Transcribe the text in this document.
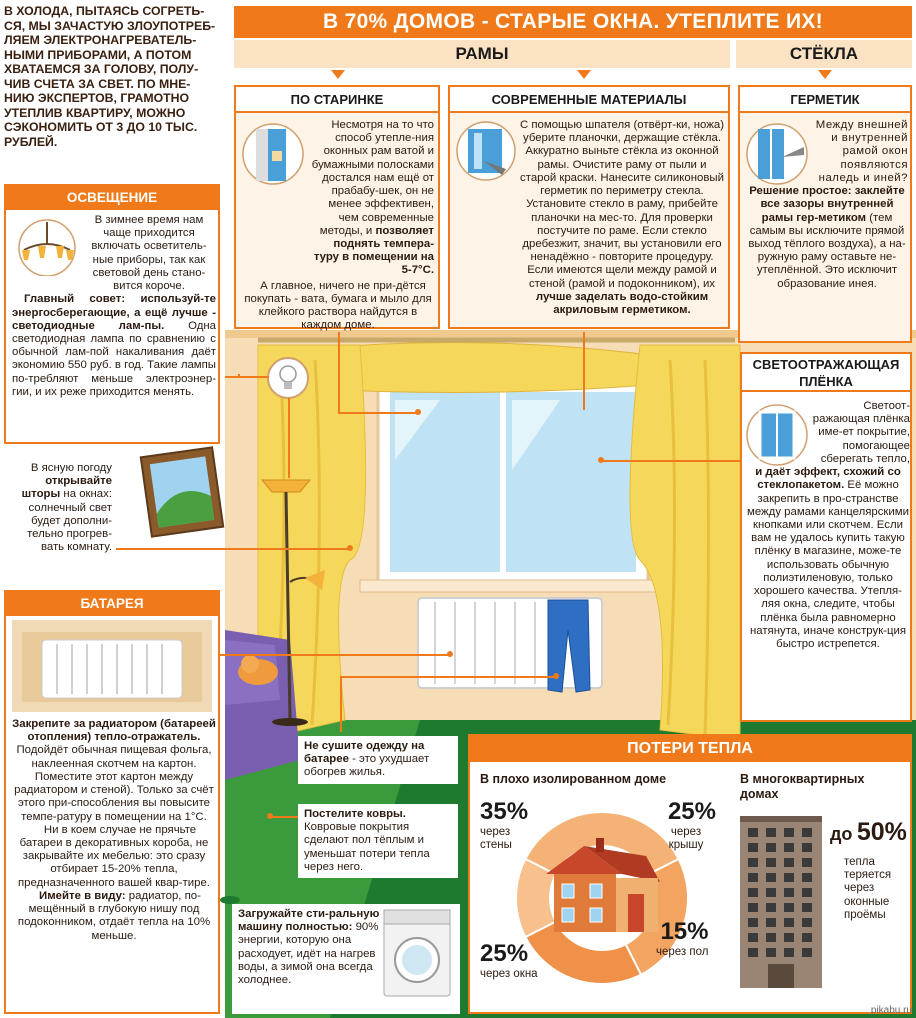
В ХОЛОДА, ПЫТАЯСЬ СОГРЕТЬ-СЯ, МЫ ЗАЧАСТУЮ ЗЛОУПОТРЕБ-ЛЯЕМ ЭЛЕКТРОНАГРЕВАТЕЛЬ-НЫМИ ПРИБОРАМИ, А ПОТОМ ХВАТАЕМСЯ ЗА ГОЛОВУ, ПОЛУ-ЧИВ СЧЕТА ЗА СВЕТ. ПО МНЕ-НИЮ ЭКСПЕРТОВ, ГРАМОТНО УТЕПЛИВ КВАРТИРУ, МОЖНО СЭКОНОМИТЬ ОТ 3 ДО 10 ТЫС. РУБЛЕЙ.
В 70% ДОМОВ - СТАРЫЕ ОКНА. УТЕПЛИТЕ ИХ!
РАМЫ	СТЁКЛА
ПО СТАРИНКЕ
Несмотря на то что способ утепле-ния оконных рам ватой и бумажными полосками достался нам ещё от прабабу-шек, он не менее эффективен, чем современные методы, и позволяет поднять темпера-туру в помещении на 5-7°С.
А главное, ничего не при-дётся покупать - вата, бумага и мыло для клейкого раствора найдутся в каждом доме.
СОВРЕМЕННЫЕ МАТЕРИАЛЫ
С помощью шпателя (отвёрт-ки, ножа) уберите планочки, держащие стёкла. Аккуратно выньте стёкла из оконной рамы. Очистите раму от пыли и старой краски. Нанесите силиконовый герметик по периметру стекла. Установите стекло в раму, прибейте планочки на мес-то. Для проверки постучите по раме. Если стекло дребезжит, значит, вы установили его ненадёжно - повторите процедуру. Если имеются щели между рамой и стеной (рамой и подоконником), их лучше заделать водо-стойким акриловым герметиком.
ГЕРМЕТИК
Между внешней и внутренней рамой окон появляются наледь и иней?
Решение простое: заклейте все зазоры внутренней рамы гер-метиком (тем самым вы исключите прямой выход тёплого воздуха), а на-ружную раму оставьте не-утеплённой. Это исключит образование инея.
ОСВЕЩЕНИЕ
В зимнее время нам чаще приходится включать осветитель-ные приборы, так как световой день стано-вится короче.
Главный совет: используй-те энергосберегающие, а ещё лучше - светодиодные лам-пы. Одна светодиодная лампа по сравнению с обычной лам-пой накаливания даёт экономию 550 руб. в год. Такие лампы по-требляют меньше электроэнер-гии, и их реже приходится менять.
В ясную погоду открывайте шторы на окнах: солнечный свет будет дополни-тельно прогрев-вать комнату.
БАТАРЕЯ
Закрепите за радиатором (батареей отопления) тепло-отражатель. Подойдёт обычная пищевая фольга, наклеенная скотчем на картон. Поместите этот картон между радиатором и стеной). Только за счёт этого при-способления вы повысите темпе-ратуру в помещении на 1°С.
Ни в коем случае не прячьте батареи в декоративных короба, не закрывайте их мебелью: это сразу отбирает 15-20% тепла, предназначенного вашей квар-тире.
Имейте в виду: радиатор, по-мещённый в глубокую нишу под подоконником, отдаёт тепла на 10% меньше.
СВЕТООТРАЖАЮЩАЯ ПЛЁНКА
Светоот-ражающая плёнка име-ет покрытие, помогающее сберегать тепло,
и даёт эффект, схожий со стеклопакетом. Её можно закрепить в про-странстве между рамами канцелярскими кнопками или скотчем. Если вам не удалось купить такую плёнку в магазине, може-те использовать обычную полиэтиленовую, только хорошего качества. Утепля-ляя окна, следите, чтобы плёнка была равномерно натянута, иначе конструк-ция быстро истрепется.
Не сушите одежду на батарее - это ухудшает обогрев жилья.
Постелите ковры. Ковровые покрытия сделают пол тёплым и уменьшат потери тепла через него.
Загружайте сти-ральную машину полностью: 90% энергии, которую она расходует, идёт на нагрев воды, а зимой она всегда холоднее.
ПОТЕРИ ТЕПЛА
В плохо изолированном доме
35%
через стены
25%
через крышу
25%
через окна
15%
через пол
В многоквартирных домах
до 50%
тепла теряется через оконные проёмы
pikabu.ru
